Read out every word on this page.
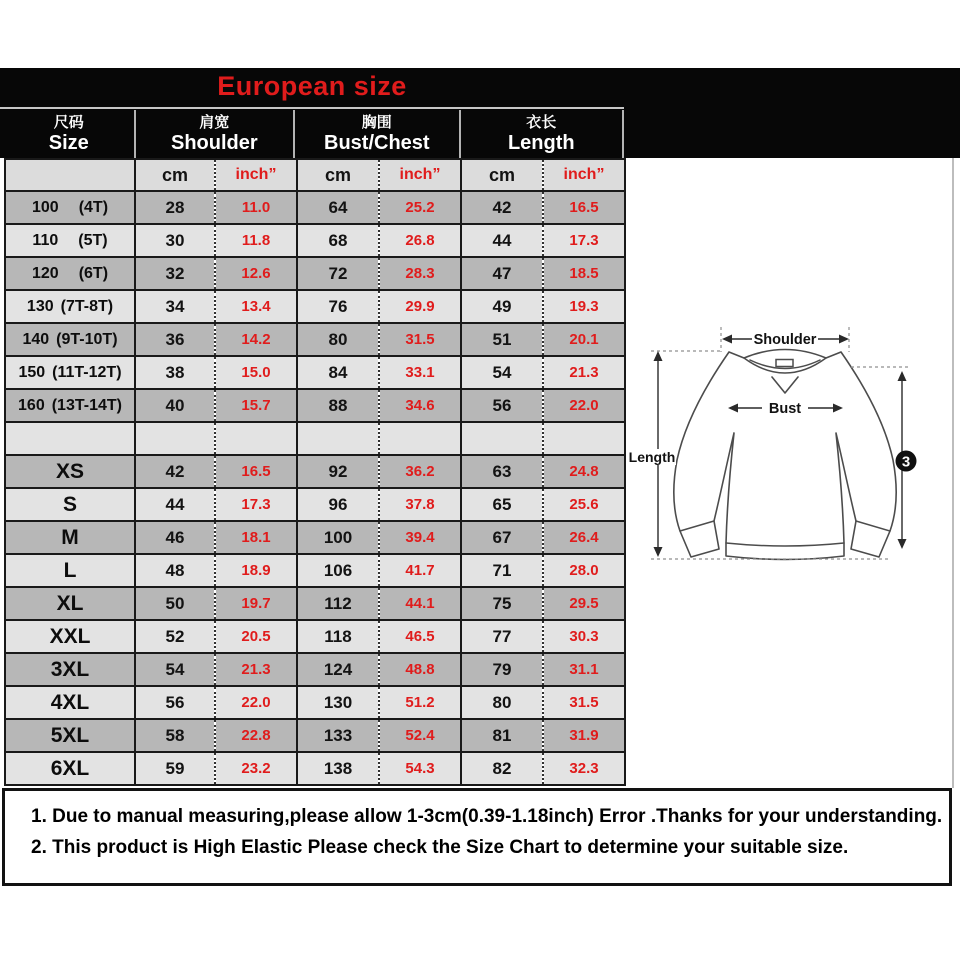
European size
尺码
Size
肩宽
Shoulder
胸围
Bust/Chest
衣长
Length
	cm	inch”	cm	inch”	cm	inch”
100 (4T)	28	11.0	64	25.2	42	16.5
110 (5T)	30	11.8	68	26.8	44	17.3
120 (6T)	32	12.6	72	28.3	47	18.5
130 (7T-8T)	34	13.4	76	29.9	49	19.3
140 (9T-10T)	36	14.2	80	31.5	51	20.1
150 (11T-12T)	38	15.0	84	33.1	54	21.3
160 (13T-14T)	40	15.7	88	34.6	56	22.0

XS	42	16.5	92	36.2	63	24.8
S	44	17.3	96	37.8	65	25.6
M	46	18.1	100	39.4	67	26.4
L	48	18.9	106	41.7	71	28.0
XL	50	19.7	112	44.1	75	29.5
XXL	52	20.5	118	46.5	77	30.3
3XL	54	21.3	124	48.8	79	31.1
4XL	56	22.0	130	51.2	80	31.5
5XL	58	22.8	133	52.4	81	31.9
6XL	59	23.2	138	54.3	82	32.3
Shoulder
Bust
Length	3
1. Due to manual measuring,please allow 1-3cm(0.39-1.18inch) Error .Thanks for your understanding.
2. This product is High Elastic Please check the Size Chart to determine your suitable size.
